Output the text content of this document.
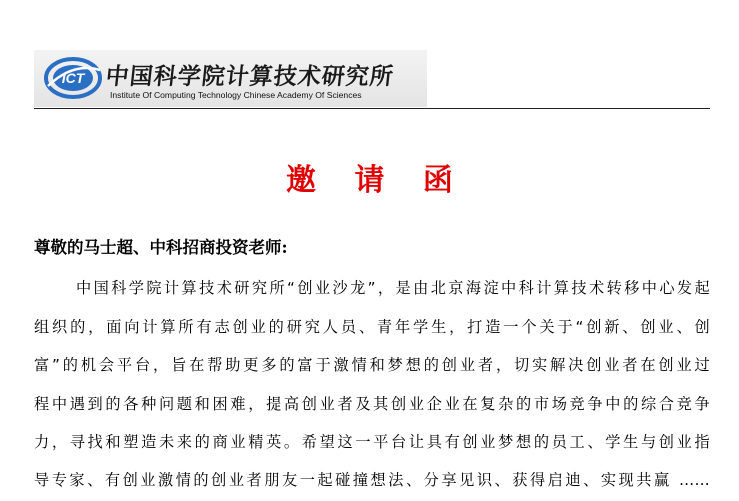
ICT 中国科学院计算技术研究所
Institute Of Computing Technology Chinese Academy Of Sciences
邀 请 函
尊敬的马士超、中科招商投资老师:
中国科学院计算技术研究所“创业沙龙”，是由北京海淀中科计算技术转移中心发起
组织的，面向计算所有志创业的研究人员、青年学生，打造一个关于“创新、创业、创
富”的机会平台，旨在帮助更多的富于激情和梦想的创业者，切实解决创业者在创业过
程中遇到的各种问题和困难，提高创业者及其创业企业在复杂的市场竞争中的综合竞争
力，寻找和塑造未来的商业精英。希望这一平台让具有创业梦想的员工、学生与创业指
导专家、有创业激情的创业者朋友一起碰撞想法、分享见识、获得启迪、实现共赢 ……
